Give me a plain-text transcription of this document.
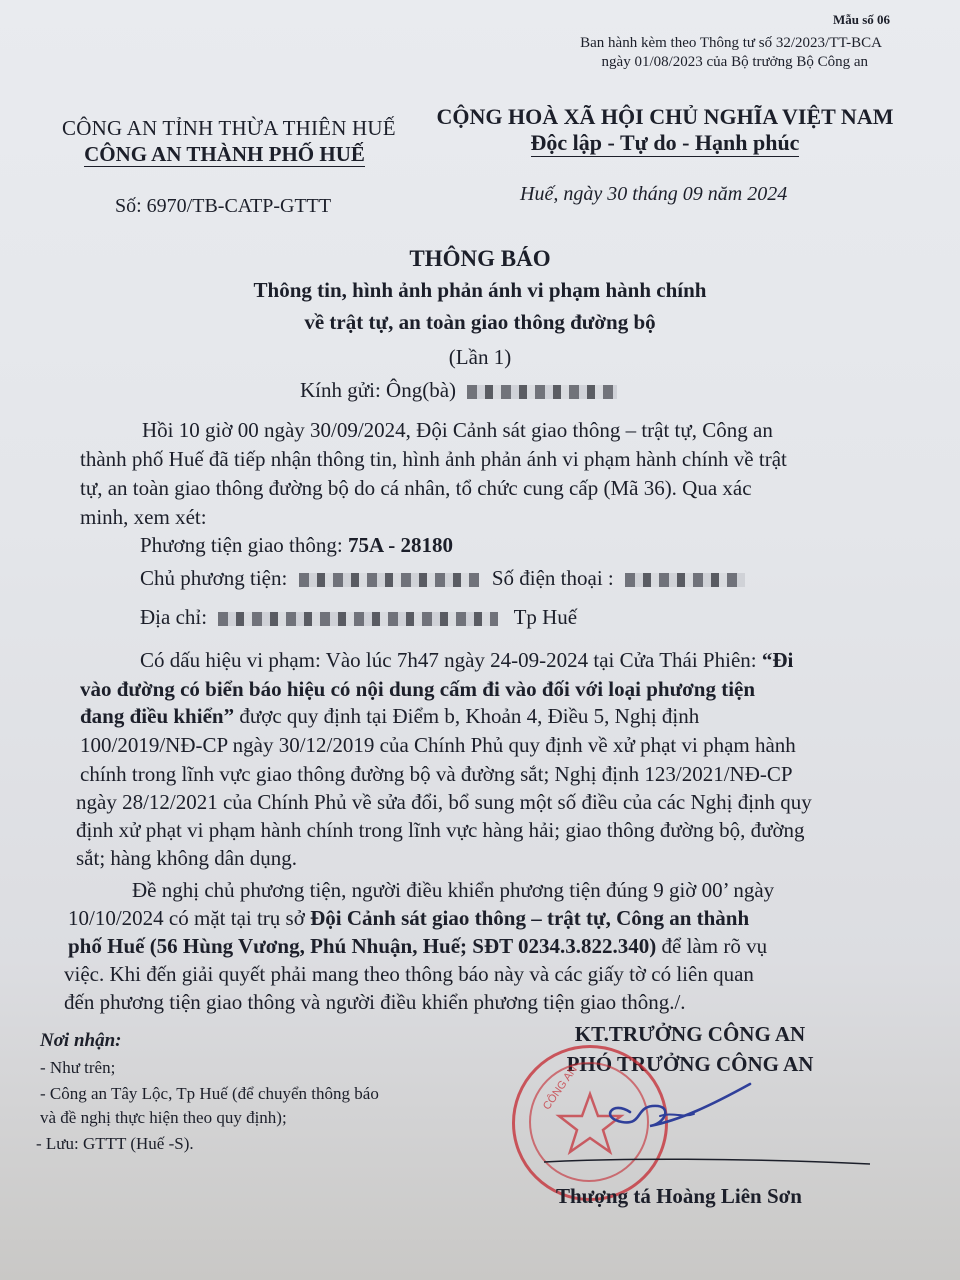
Mẫu số 06
Ban hành kèm theo Thông tư số 32/2023/TT-BCA
ngày 01/08/2023 của Bộ trưởng Bộ Công an
CÔNG AN TỈNH THỪA THIÊN HUẾ
CÔNG AN THÀNH PHỐ HUẾ
CỘNG HOÀ XÃ HỘI CHỦ NGHĨA VIỆT NAM
Độc lập - Tự do - Hạnh phúc
Số: 6970/TB-CATP-GTTT
Huế, ngày 30 tháng 09 năm 2024
THÔNG BÁO
Thông tin, hình ảnh phản ánh vi phạm hành chính
về trật tự, an toàn giao thông đường bộ
(Lần 1)
Kính gửi: Ông(bà)
Hồi 10 giờ 00 ngày 30/09/2024, Đội Cảnh sát giao thông – trật tự, Công an
thành phố Huế đã tiếp nhận thông tin, hình ảnh phản ánh vi phạm hành chính về trật
tự, an toàn giao thông đường bộ do cá nhân, tổ chức cung cấp (Mã 36). Qua xác
minh, xem xét:
Phương tiện giao thông: 75A - 28180
Chủ phương tiện:	Số điện thoại :
Địa chỉ:	Tp Huế
Có dấu hiệu vi phạm: Vào lúc 7h47 ngày 24-09-2024 tại Cửa Thái Phiên: “Đi
vào đường có biển báo hiệu có nội dung cấm đi vào đối với loại phương tiện
đang điều khiển” được quy định tại Điểm b, Khoản 4, Điều 5, Nghị định
100/2019/NĐ-CP ngày 30/12/2019 của Chính Phủ quy định về xử phạt vi phạm hành
chính trong lĩnh vực giao thông đường bộ và đường sắt; Nghị định 123/2021/NĐ-CP
ngày 28/12/2021 của Chính Phủ về sửa đổi, bổ sung một số điều của các Nghị định quy
định xử phạt vi phạm hành chính trong lĩnh vực hàng hải; giao thông đường bộ, đường
sắt; hàng không dân dụng.
Đề nghị chủ phương tiện, người điều khiển phương tiện đúng 9 giờ 00’ ngày
10/10/2024 có mặt tại trụ sở Đội Cảnh sát giao thông – trật tự, Công an thành
phố Huế (56 Hùng Vương, Phú Nhuận, Huế; SĐT 0234.3.822.340) để làm rõ vụ
việc. Khi đến giải quyết phải mang theo thông báo này và các giấy tờ có liên quan
đến phương tiện giao thông và người điều khiển phương tiện giao thông./.
Nơi nhận:
- Như trên;
- Công an Tây Lộc, Tp Huế (để chuyển thông báo
và đề nghị thực hiện theo quy định);
- Lưu: GTTT (Huế -S).
KT.TRƯỞNG CÔNG AN
PHÓ TRƯỞNG CÔNG AN
CÔNG AN
Thượng tá Hoàng Liên Sơn
